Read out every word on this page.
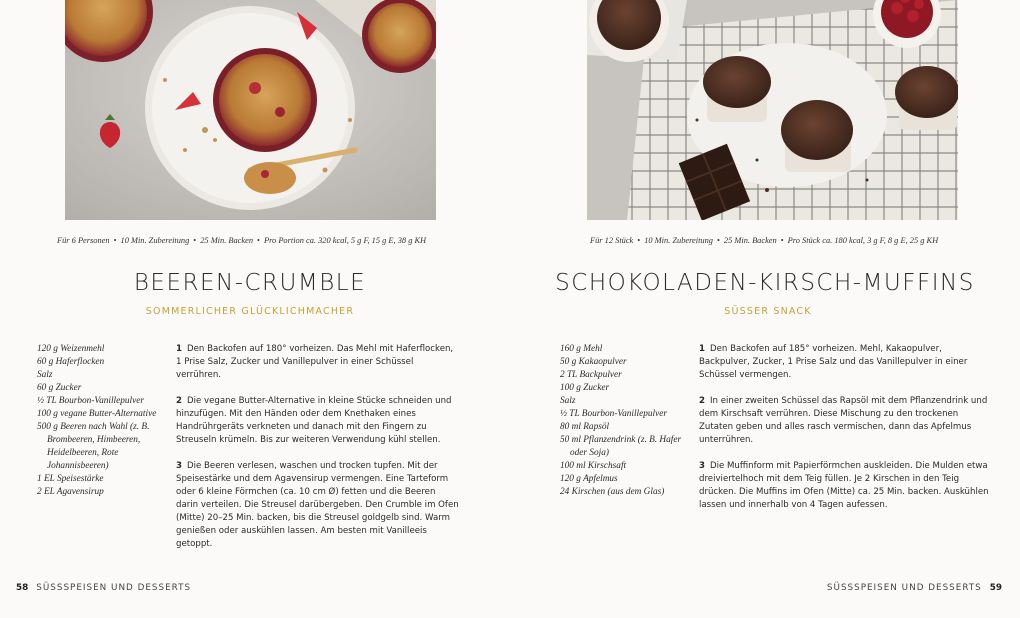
Für 6 Personen • 10 Min. Zubereitung • 25 Min. Backen • Pro Portion ca. 320 kcal, 5 g F, 15 g E, 38 g KH
BEEREN-CRUMBLE
SOMMERLICHER GLÜCKLICHMACHER
120 g Weizenmehl
60 g Haferflocken
Salz
60 g Zucker
½ TL Bourbon-Vanillepulver
100 g vegane Butter-Alternative
500 g Beeren nach Wahl (z. B. Brombeeren, Himbeeren, Heidelbeeren, Rote Johannisbeeren)
1 EL Speisestärke
2 EL Agavensirup

1 Den Backofen auf 180° vorheizen. Das Mehl mit Haferflocken, 1 Prise Salz, Zucker und Vanillepulver in einer Schüssel verrühren.

2 Die vegane Butter-Alternative in kleine Stücke schneiden und hinzufügen. Mit den Händen oder dem Knethaken eines Handrührgeräts verkneten und danach mit den Fingern zu Streuseln krümeln. Bis zur weiteren Verwendung kühl stellen.

3 Die Beeren verlesen, waschen und trocken tupfen. Mit der Speisestärke und dem Agavensirup vermengen. Eine Tarteform oder 6 kleine Förmchen (ca. 10 cm Ø) fetten und die Beeren darin verteilen. Die Streusel darübergeben. Den Crumble im Ofen (Mitte) 20–25 Min. backen, bis die Streusel goldgelb sind. Warm genießen oder auskühlen lassen. Am besten mit Vanilleeis getoppt.

58 SÜSSSPEISEN UND DESSERTS
Für 12 Stück • 10 Min. Zubereitung • 25 Min. Backen • Pro Stück ca. 180 kcal, 3 g F, 8 g E, 25 g KH
SCHOKOLADEN-KIRSCH-MUFFINS
SÜSSER SNACK
160 g Mehl
50 g Kakaopulver
2 TL Backpulver
100 g Zucker
Salz
½ TL Bourbon-Vanillepulver
80 ml Rapsöl
50 ml Pflanzendrink (z. B. Hafer oder Soja)
100 ml Kirschsaft
120 g Apfelmus
24 Kirschen (aus dem Glas)

1 Den Backofen auf 185° vorheizen. Mehl, Kakaopulver, Backpulver, Zucker, 1 Prise Salz und das Vanillepulver in einer Schüssel vermengen.

2 In einer zweiten Schüssel das Rapsöl mit dem Pflanzendrink und dem Kirschsaft verrühren. Diese Mischung zu den trockenen Zutaten geben und alles rasch vermischen, dann das Apfelmus unterrühren.

3 Die Muffinform mit Papierförmchen auskleiden. Die Mulden etwa dreiviertelhoch mit dem Teig füllen. Je 2 Kirschen in den Teig drücken. Die Muffins im Ofen (Mitte) ca. 25 Min. backen. Auskühlen lassen und innerhalb von 4 Tagen aufessen.

SÜSSSPEISEN UND DESSERTS 59
